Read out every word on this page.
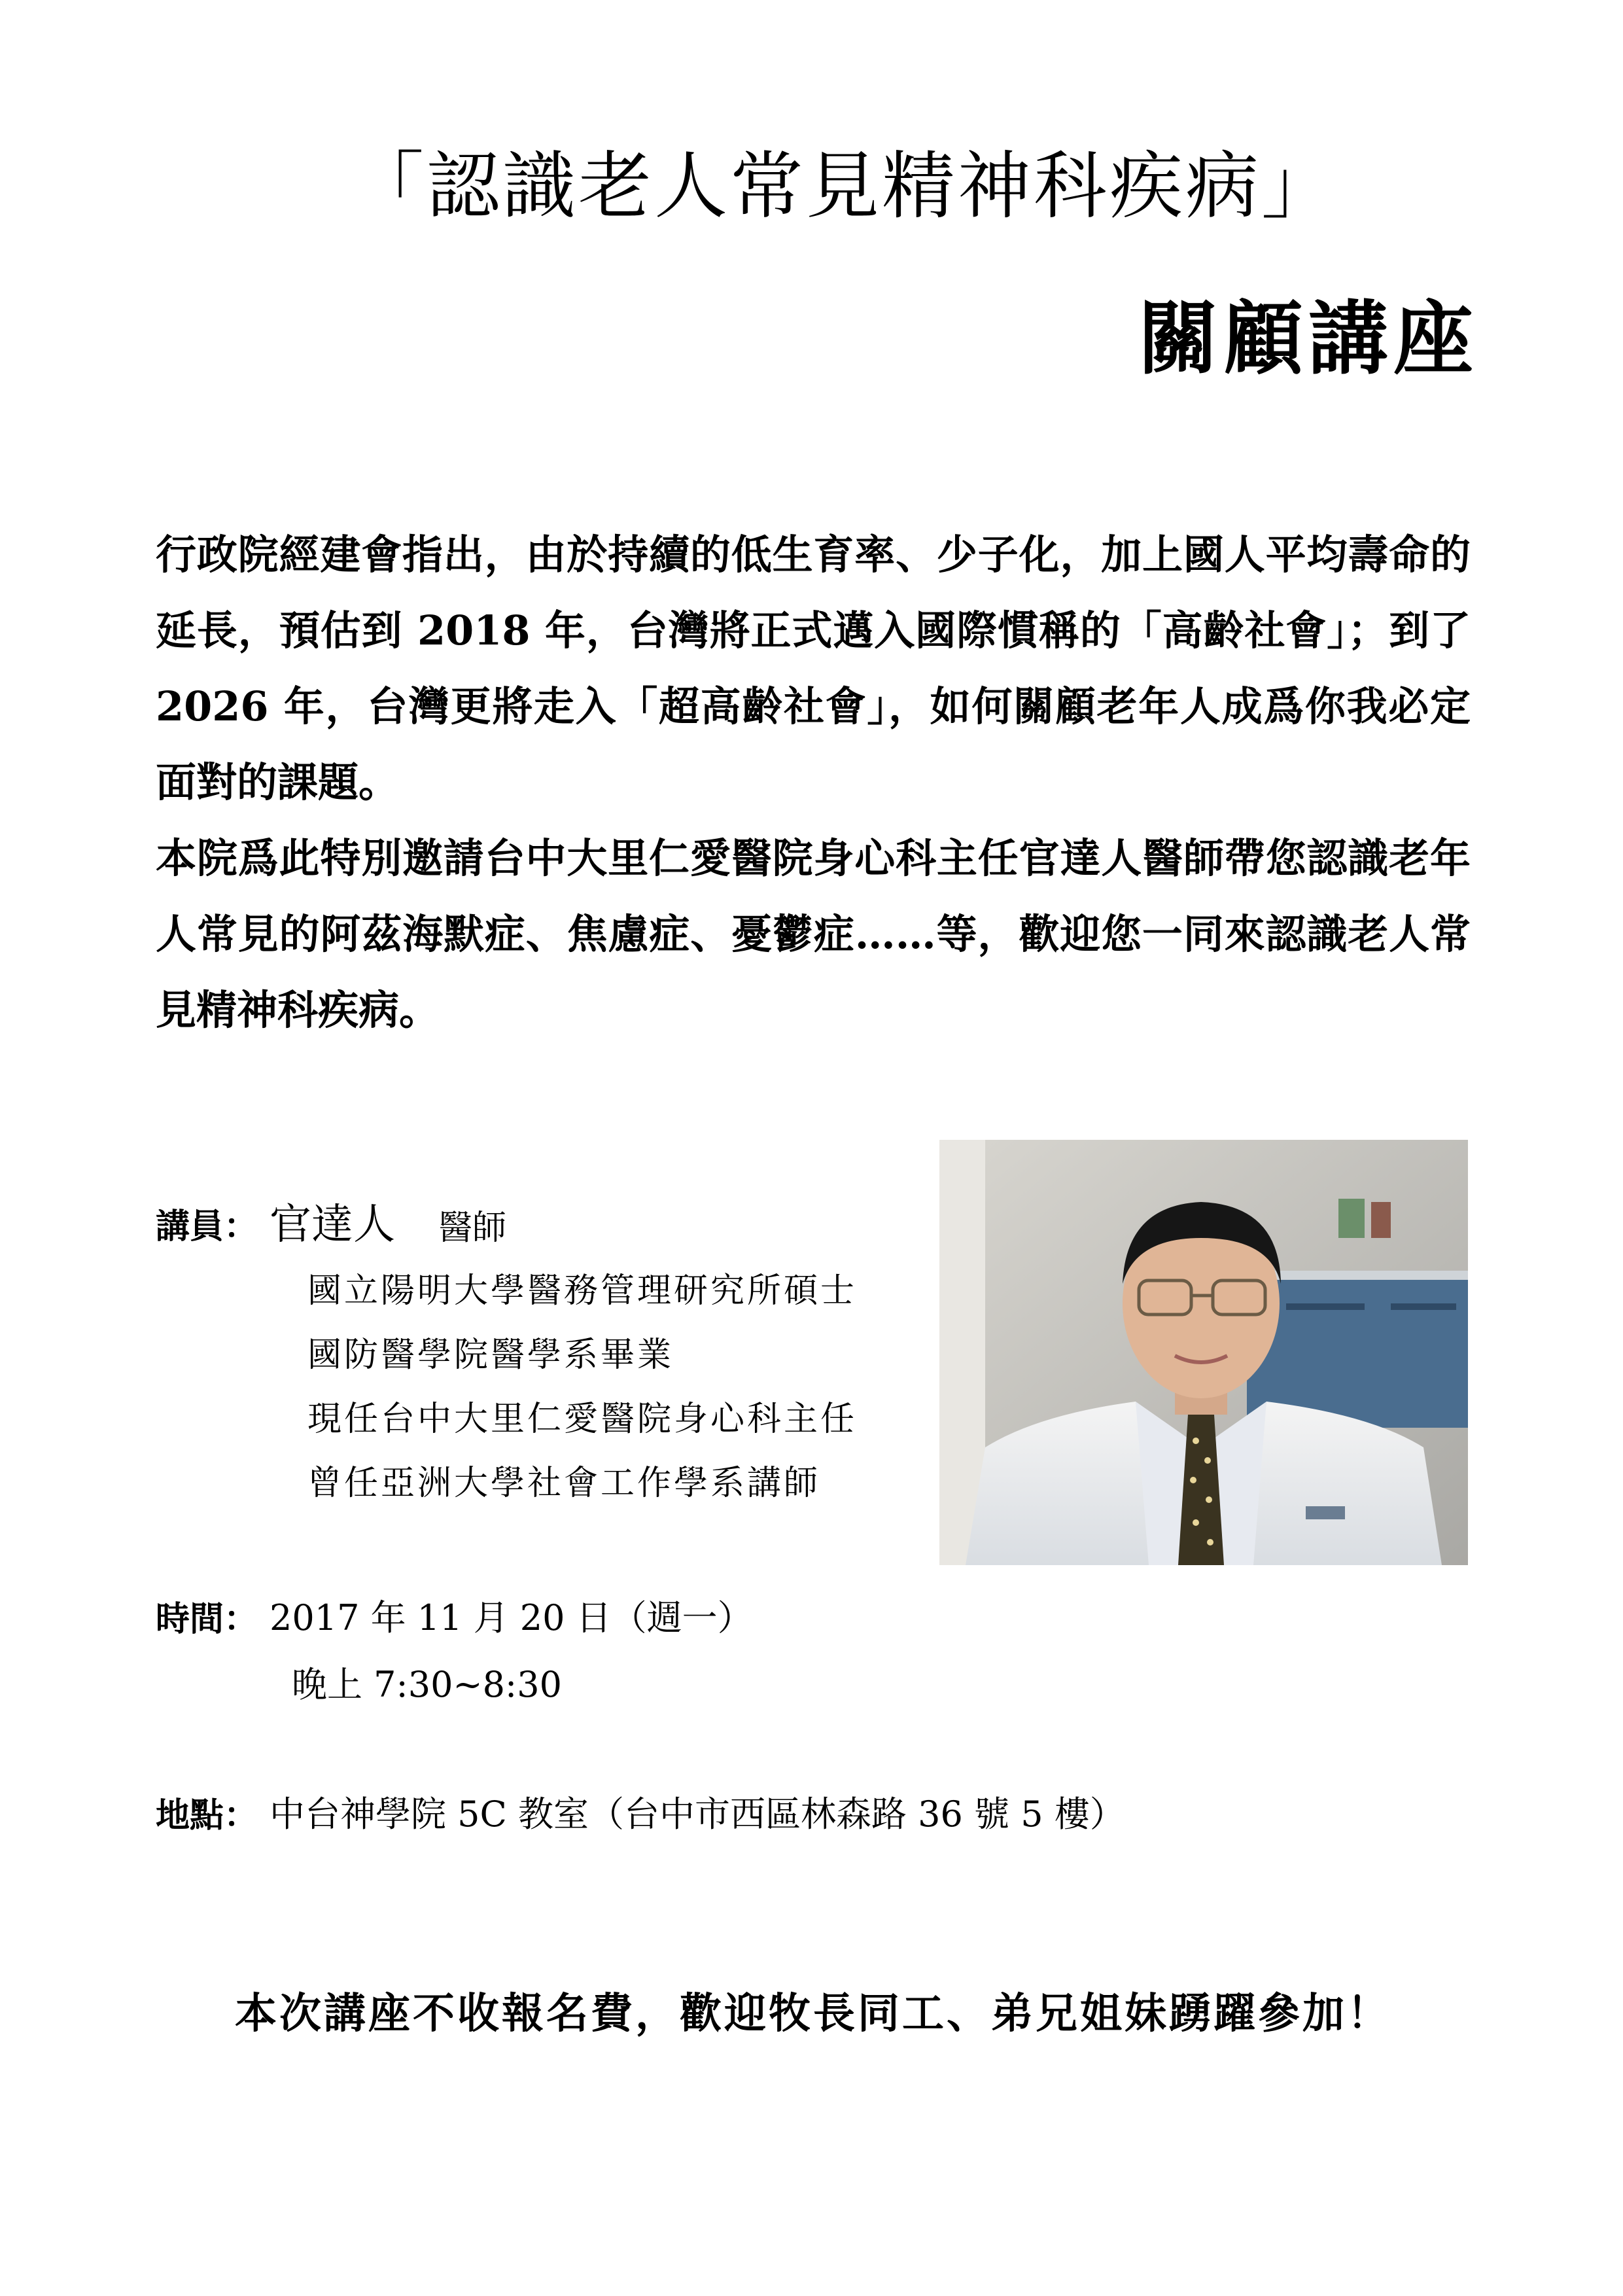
「認識老人常見精神科疾病」
關顧講座

行政院經建會指出，由於持續的低生育率、少子化，加上國人平均壽命的延長，預估到 2018 年，台灣將正式邁入國際慣稱的「高齡社會」；到了 2026 年，台灣更將走入「超高齡社會」，如何關顧老年人成爲你我必定面對的課題。

本院爲此特別邀請台中大里仁愛醫院身心科主任官達人醫師帶您認識老年人常見的阿茲海默症、焦慮症、憂鬱症……等，歡迎您一同來認識老人常見精神科疾病。

講員： 官達人 醫師
國立陽明大學醫務管理研究所碩士
國防醫學院醫學系畢業
現任台中大里仁愛醫院身心科主任
曾任亞洲大學社會工作學系講師
時間： 2017 年 11 月 20 日（週一）
晚上 7:30~8:30
地點： 中台神學院 5C 教室（台中市西區林森路 36 號 5 樓）
本次講座不收報名費，歡迎牧長同工、弟兄姐妹踴躍參加！
